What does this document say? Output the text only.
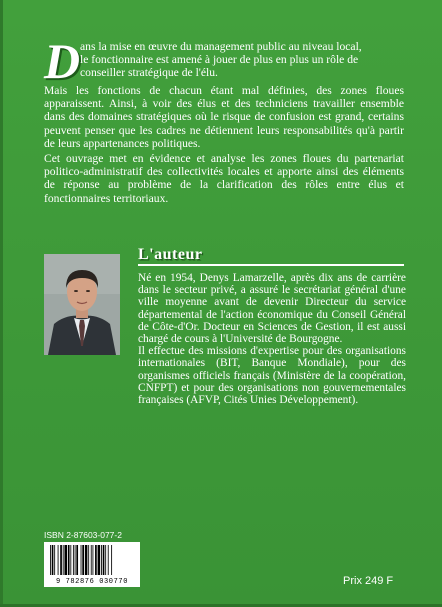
D ans la mise en œuvre du management public au niveau local,

le fonctionnaire est amené à jouer de plus en plus un rôle de

conseiller stratégique de l'élu.

Mais les fonctions de chacun étant mal définies, des zones floues apparaissent. Ainsi, à voir des élus et des techniciens travailler ensemble dans des domaines stratégiques où le risque de confusion est grand, certains peuvent penser que les cadres ne détiennent leurs responsabilités qu'à partir de leurs appartenances politiques.

Cet ouvrage met en évidence et analyse les zones floues du partenariat politico-administratif des collectivités locales et apporte ainsi des éléments de réponse au problème de la clarification des rôles entre élus et fonctionnaires territoriaux.

L'auteur

Né en 1954, Denys Lamarzelle, après dix ans de carrière dans le secteur privé, a assuré le secrétariat général d'une ville moyenne avant de devenir Directeur du service départemental de l'action économique du Conseil Général de Côte-d'Or. Docteur en Sciences de Gestion, il est aussi chargé de cours à l'Université de Bourgogne.

Il effectue des missions d'expertise pour des organisations internationales (BIT, Banque Mondiale), pour des organismes officiels français (Ministère de la coopération, CNFPT) et pour des organisations non gouvernementales françaises (AFVP, Cités Unies Développement).

ISBN 2-87603-077-2
9 782876 030770	Prix 249 F
